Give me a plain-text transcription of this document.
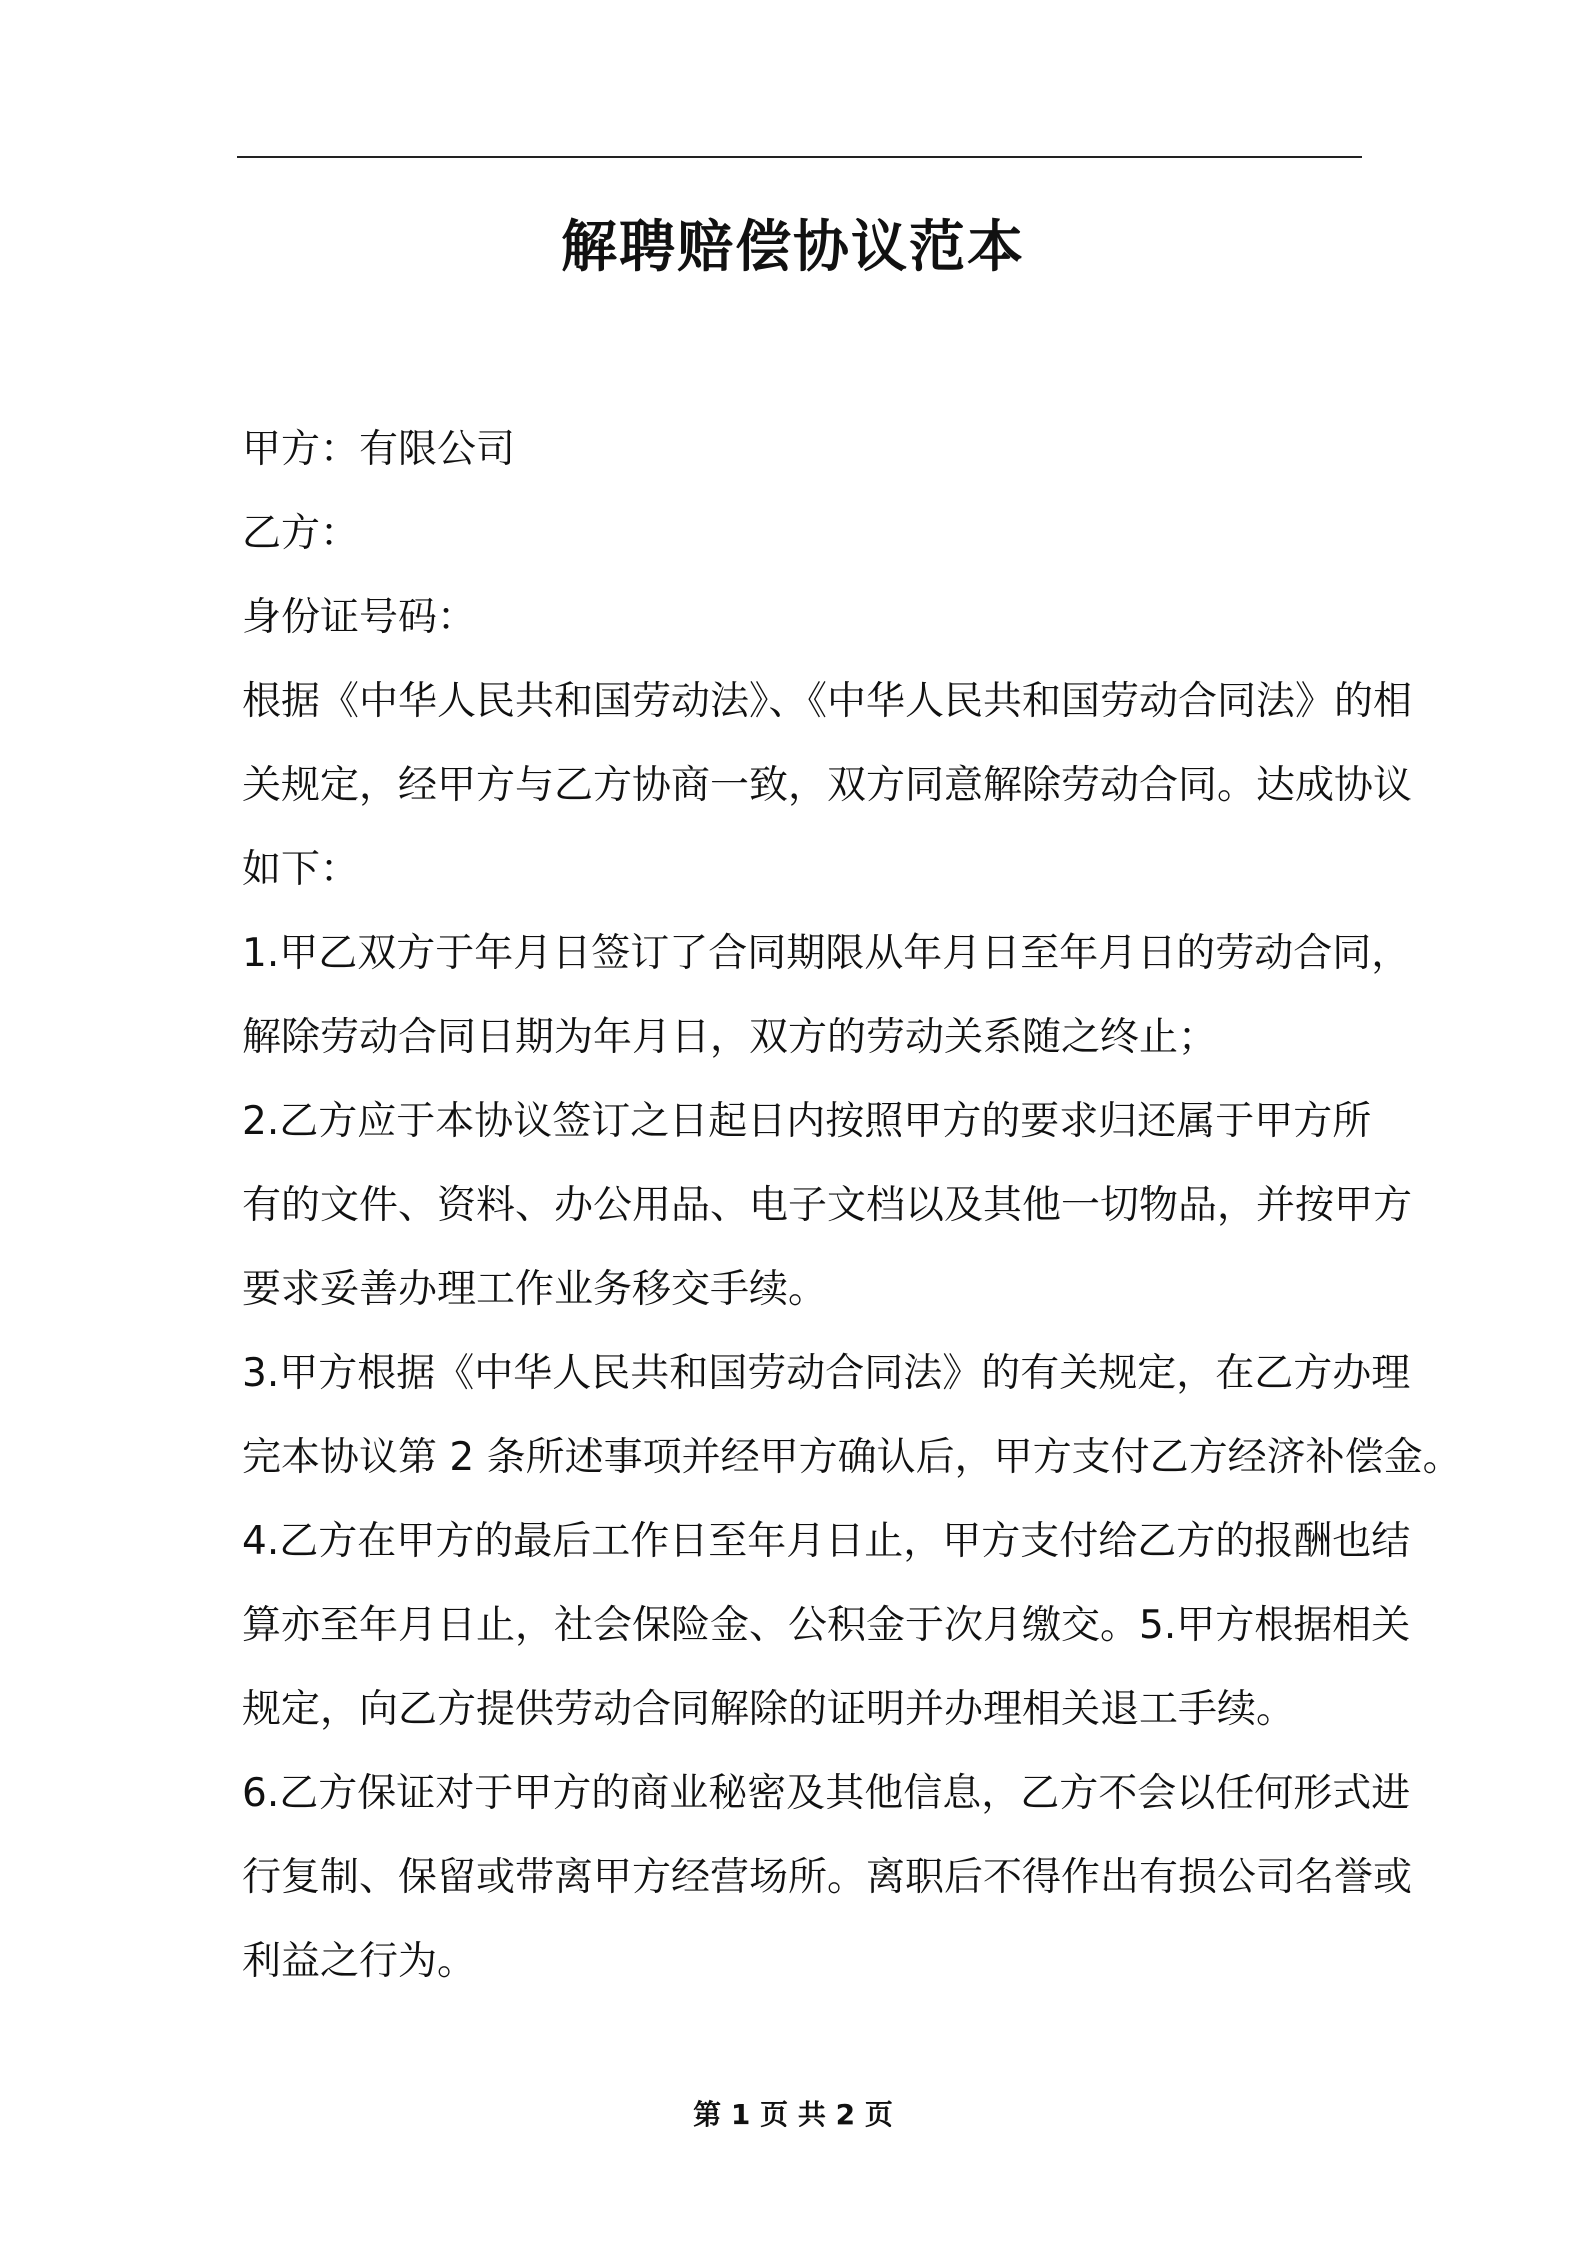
解聘赔偿协议范本
甲方：有限公司
乙方：
身份证号码：
根据《中华人民共和国劳动法》、《中华人民共和国劳动合同法》的相
关规定，经甲方与乙方协商一致，双方同意解除劳动合同。达成协议
如下：
1.甲乙双方于年月日签订了合同期限从年月日至年月日的劳动合同，
解除劳动合同日期为年月日，双方的劳动关系随之终止；
2.乙方应于本协议签订之日起日内按照甲方的要求归还属于甲方所
有的文件、资料、办公用品、电子文档以及其他一切物品，并按甲方
要求妥善办理工作业务移交手续。
3.甲方根据《中华人民共和国劳动合同法》的有关规定，在乙方办理
完本协议第 2 条所述事项并经甲方确认后，甲方支付乙方经济补偿金。
4.乙方在甲方的最后工作日至年月日止，甲方支付给乙方的报酬也结
算亦至年月日止，社会保险金、公积金于次月缴交。5.甲方根据相关
规定，向乙方提供劳动合同解除的证明并办理相关退工手续。
6.乙方保证对于甲方的商业秘密及其他信息，乙方不会以任何形式进
行复制、保留或带离甲方经营场所。离职后不得作出有损公司名誉或
利益之行为。
第 1 页 共 2 页
